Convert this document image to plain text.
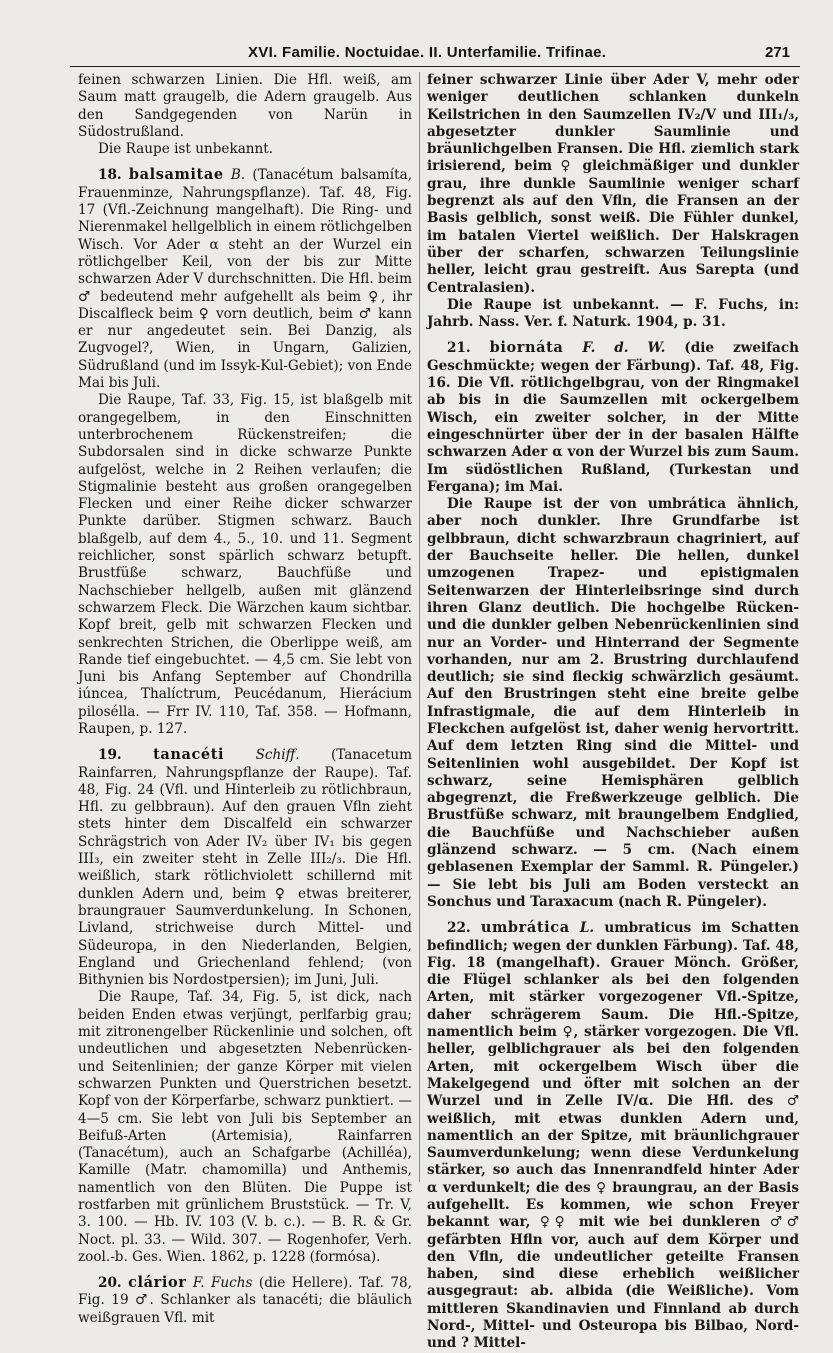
XVI. Familie. Noctuidae. II. Unterfamilie. Trifinae.	271

feinen schwarzen Linien. Die Hfl. weiß, am Saum matt graugelb, die Adern graugelb. Aus den Sandgegenden von Narün in Südostrußland.

Die Raupe ist unbekannt.

18. balsamitae B. (Tanacétum balsamíta, Frauenminze, Nahrungspflanze). Taf. 48, Fig. 17 (Vfl.-Zeichnung mangelhaft). Die Ring- und Nierenmakel hellgelblich in einem rötlichgelben Wisch. Vor Ader α steht an der Wurzel ein rötlichgelber Keil, von der bis zur Mitte schwarzen Ader V durchschnitten. Die Hfl. beim ♂ bedeutend mehr aufgehellt als beim ♀, ihr Discalfleck beim ♀ vorn deutlich, beim ♂ kann er nur angedeutet sein. Bei Danzig, als Zugvogel?, Wien, in Ungarn, Galizien, Südrußland (und im Issyk-Kul-Gebiet); von Ende Mai bis Juli.

Die Raupe, Taf. 33, Fig. 15, ist blaßgelb mit orangegelbem, in den Einschnitten unterbrochenem Rückenstreifen; die Subdorsalen sind in dicke schwarze Punkte aufgelöst, welche in 2 Reihen verlaufen; die Stigmalinie besteht aus großen orangegelben Flecken und einer Reihe dicker schwarzer Punkte darüber. Stigmen schwarz. Bauch blaßgelb, auf dem 4., 5., 10. und 11. Segment reichlicher, sonst spärlich schwarz betupft. Brustfüße schwarz, Bauchfüße und Nachschieber hellgelb, außen mit glänzend schwarzem Fleck. Die Wärzchen kaum sichtbar. Kopf breit, gelb mit schwarzen Flecken und senkrechten Strichen, die Oberlippe weiß, am Rande tief eingebuchtet. — 4,5 cm. Sie lebt von Juni bis Anfang September auf Chondrilla iúncea, Thalíctrum, Peucédanum, Hierácium pilosélla. — Frr IV. 110, Taf. 358. — Hofmann, Raupen, p. 127.

19. tanacéti Schiff. (Tanacetum Rainfarren, Nahrungspflanze der Raupe). Taf. 48, Fig. 24 (Vfl. und Hinterleib zu rötlichbraun, Hfl. zu gelbbraun). Auf den grauen Vfln zieht stets hinter dem Discalfeld ein schwarzer Schrägstrich von Ader IV₂ über IV₁ bis gegen III₃, ein zweiter steht in Zelle III₂/₃. Die Hfl. weißlich, stark rötlichviolett schillernd mit dunklen Adern und, beim ♀ etwas breiterer, braungrauer Saumverdunkelung. In Schonen, Livland, strichweise durch Mittel- und Südeuropa, in den Niederlanden, Belgien, England und Griechenland fehlend; (von Bithynien bis Nordostpersien); im Juni, Juli.

Die Raupe, Taf. 34, Fig. 5, ist dick, nach beiden Enden etwas verjüngt, perlfarbig grau; mit zitronengelber Rückenlinie und solchen, oft undeutlichen und abgesetzten Nebenrücken- und Seitenlinien; der ganze Körper mit vielen schwarzen Punkten und Querstrichen besetzt. Kopf von der Körperfarbe, schwarz punktiert. — 4—5 cm. Sie lebt von Juli bis September an Beifuß-Arten (Artemisia), Rainfarren (Tanacétum), auch an Schafgarbe (Achilléa), Kamille (Matr. chamomilla) und Anthemis, namentlich von den Blüten. Die Puppe ist rostfarben mit grünlichem Bruststück. — Tr. V, 3. 100. — Hb. IV. 103 (V. b. c.). — B. R. & Gr. Noct. pl. 33. — Wild. 307. — Rogenhofer, Verh. zool.-b. Ges. Wien. 1862, p. 1228 (formósa).

20. clárior F. Fuchs (die Hellere). Taf. 78, Fig. 19 ♂. Schlanker als tanacéti; die bläulich weißgrauen Vfl. mit

feiner schwarzer Linie über Ader V, mehr oder weniger deutlichen schlanken dunkeln Keilstrichen in den Saumzellen IV₂/V und III₁/₃, abgesetzter dunkler Saumlinie und bräunlichgelben Fransen. Die Hfl. ziemlich stark irisierend, beim ♀ gleichmäßiger und dunkler grau, ihre dunkle Saumlinie weniger scharf begrenzt als auf den Vfln, die Fransen an der Basis gelblich, sonst weiß. Die Fühler dunkel, im batalen Viertel weißlich. Der Halskragen über der scharfen, schwarzen Teilungslinie heller, leicht grau gestreift. Aus Sarepta (und Centralasien).

Die Raupe ist unbekannt. — F. Fuchs, in: Jahrb. Nass. Ver. f. Naturk. 1904, p. 31.

21. biornáta F. d. W. (die zweifach Geschmückte; wegen der Färbung). Taf. 48, Fig. 16. Die Vfl. rötlichgelbgrau, von der Ringmakel ab bis in die Saumzellen mit ockergelbem Wisch, ein zweiter solcher, in der Mitte eingeschnürter über der in der basalen Hälfte schwarzen Ader α von der Wurzel bis zum Saum. Im südöstlichen Rußland, (Turkestan und Fergana); im Mai.

Die Raupe ist der von umbrática ähnlich, aber noch dunkler. Ihre Grundfarbe ist gelbbraun, dicht schwarzbraun chagriniert, auf der Bauchseite heller. Die hellen, dunkel umzogenen Trapez- und epistigmalen Seitenwarzen der Hinterleibsringe sind durch ihren Glanz deutlich. Die hochgelbe Rücken- und die dunkler gelben Nebenrückenlinien sind nur an Vorder- und Hinterrand der Segmente vorhanden, nur am 2. Brustring durchlaufend deutlich; sie sind fleckig schwärzlich gesäumt. Auf den Brustringen steht eine breite gelbe Infrastigmale, die auf dem Hinterleib in Fleckchen aufgelöst ist, daher wenig hervortritt. Auf dem letzten Ring sind die Mittel- und Seitenlinien wohl ausgebildet. Der Kopf ist schwarz, seine Hemisphären gelblich abgegrenzt, die Freßwerkzeuge gelblich. Die Brustfüße schwarz, mit braungelbem Endglied, die Bauchfüße und Nachschieber außen glänzend schwarz. — 5 cm. (Nach einem geblasenen Exemplar der Samml. R. Püngeler.) — Sie lebt bis Juli am Boden versteckt an Sonchus und Taraxacum (nach R. Püngeler).

22. umbrática L. umbraticus im Schatten befindlich; wegen der dunklen Färbung). Taf. 48, Fig. 18 (mangelhaft). Grauer Mönch. Größer, die Flügel schlanker als bei den folgenden Arten, mit stärker vorgezogener Vfl.-Spitze, daher schrägerem Saum. Die Hfl.-Spitze, namentlich beim ♀, stärker vorgezogen. Die Vfl. heller, gelblichgrauer als bei den folgenden Arten, mit ockergelbem Wisch über die Makelgegend und öfter mit solchen an der Wurzel und in Zelle IV/α. Die Hfl. des ♂ weißlich, mit etwas dunklen Adern und, namentlich an der Spitze, mit bräunlichgrauer Saumverdunkelung; wenn diese Verdunkelung stärker, so auch das Innenrandfeld hinter Ader α verdunkelt; die des ♀ braungrau, an der Basis aufgehellt. Es kommen, wie schon Freyer bekannt war, ♀♀ mit wie bei dunkleren ♂♂ gefärbten Hfln vor, auch auf dem Körper und den Vfln, die undeutlicher geteilte Fransen haben, sind diese erheblich weißlicher ausgegraut: ab. albida (die Weißliche). Vom mittleren Skandinavien und Finnland ab durch Nord-, Mittel- und Osteuropa bis Bilbao, Nord- und ? Mittel-
